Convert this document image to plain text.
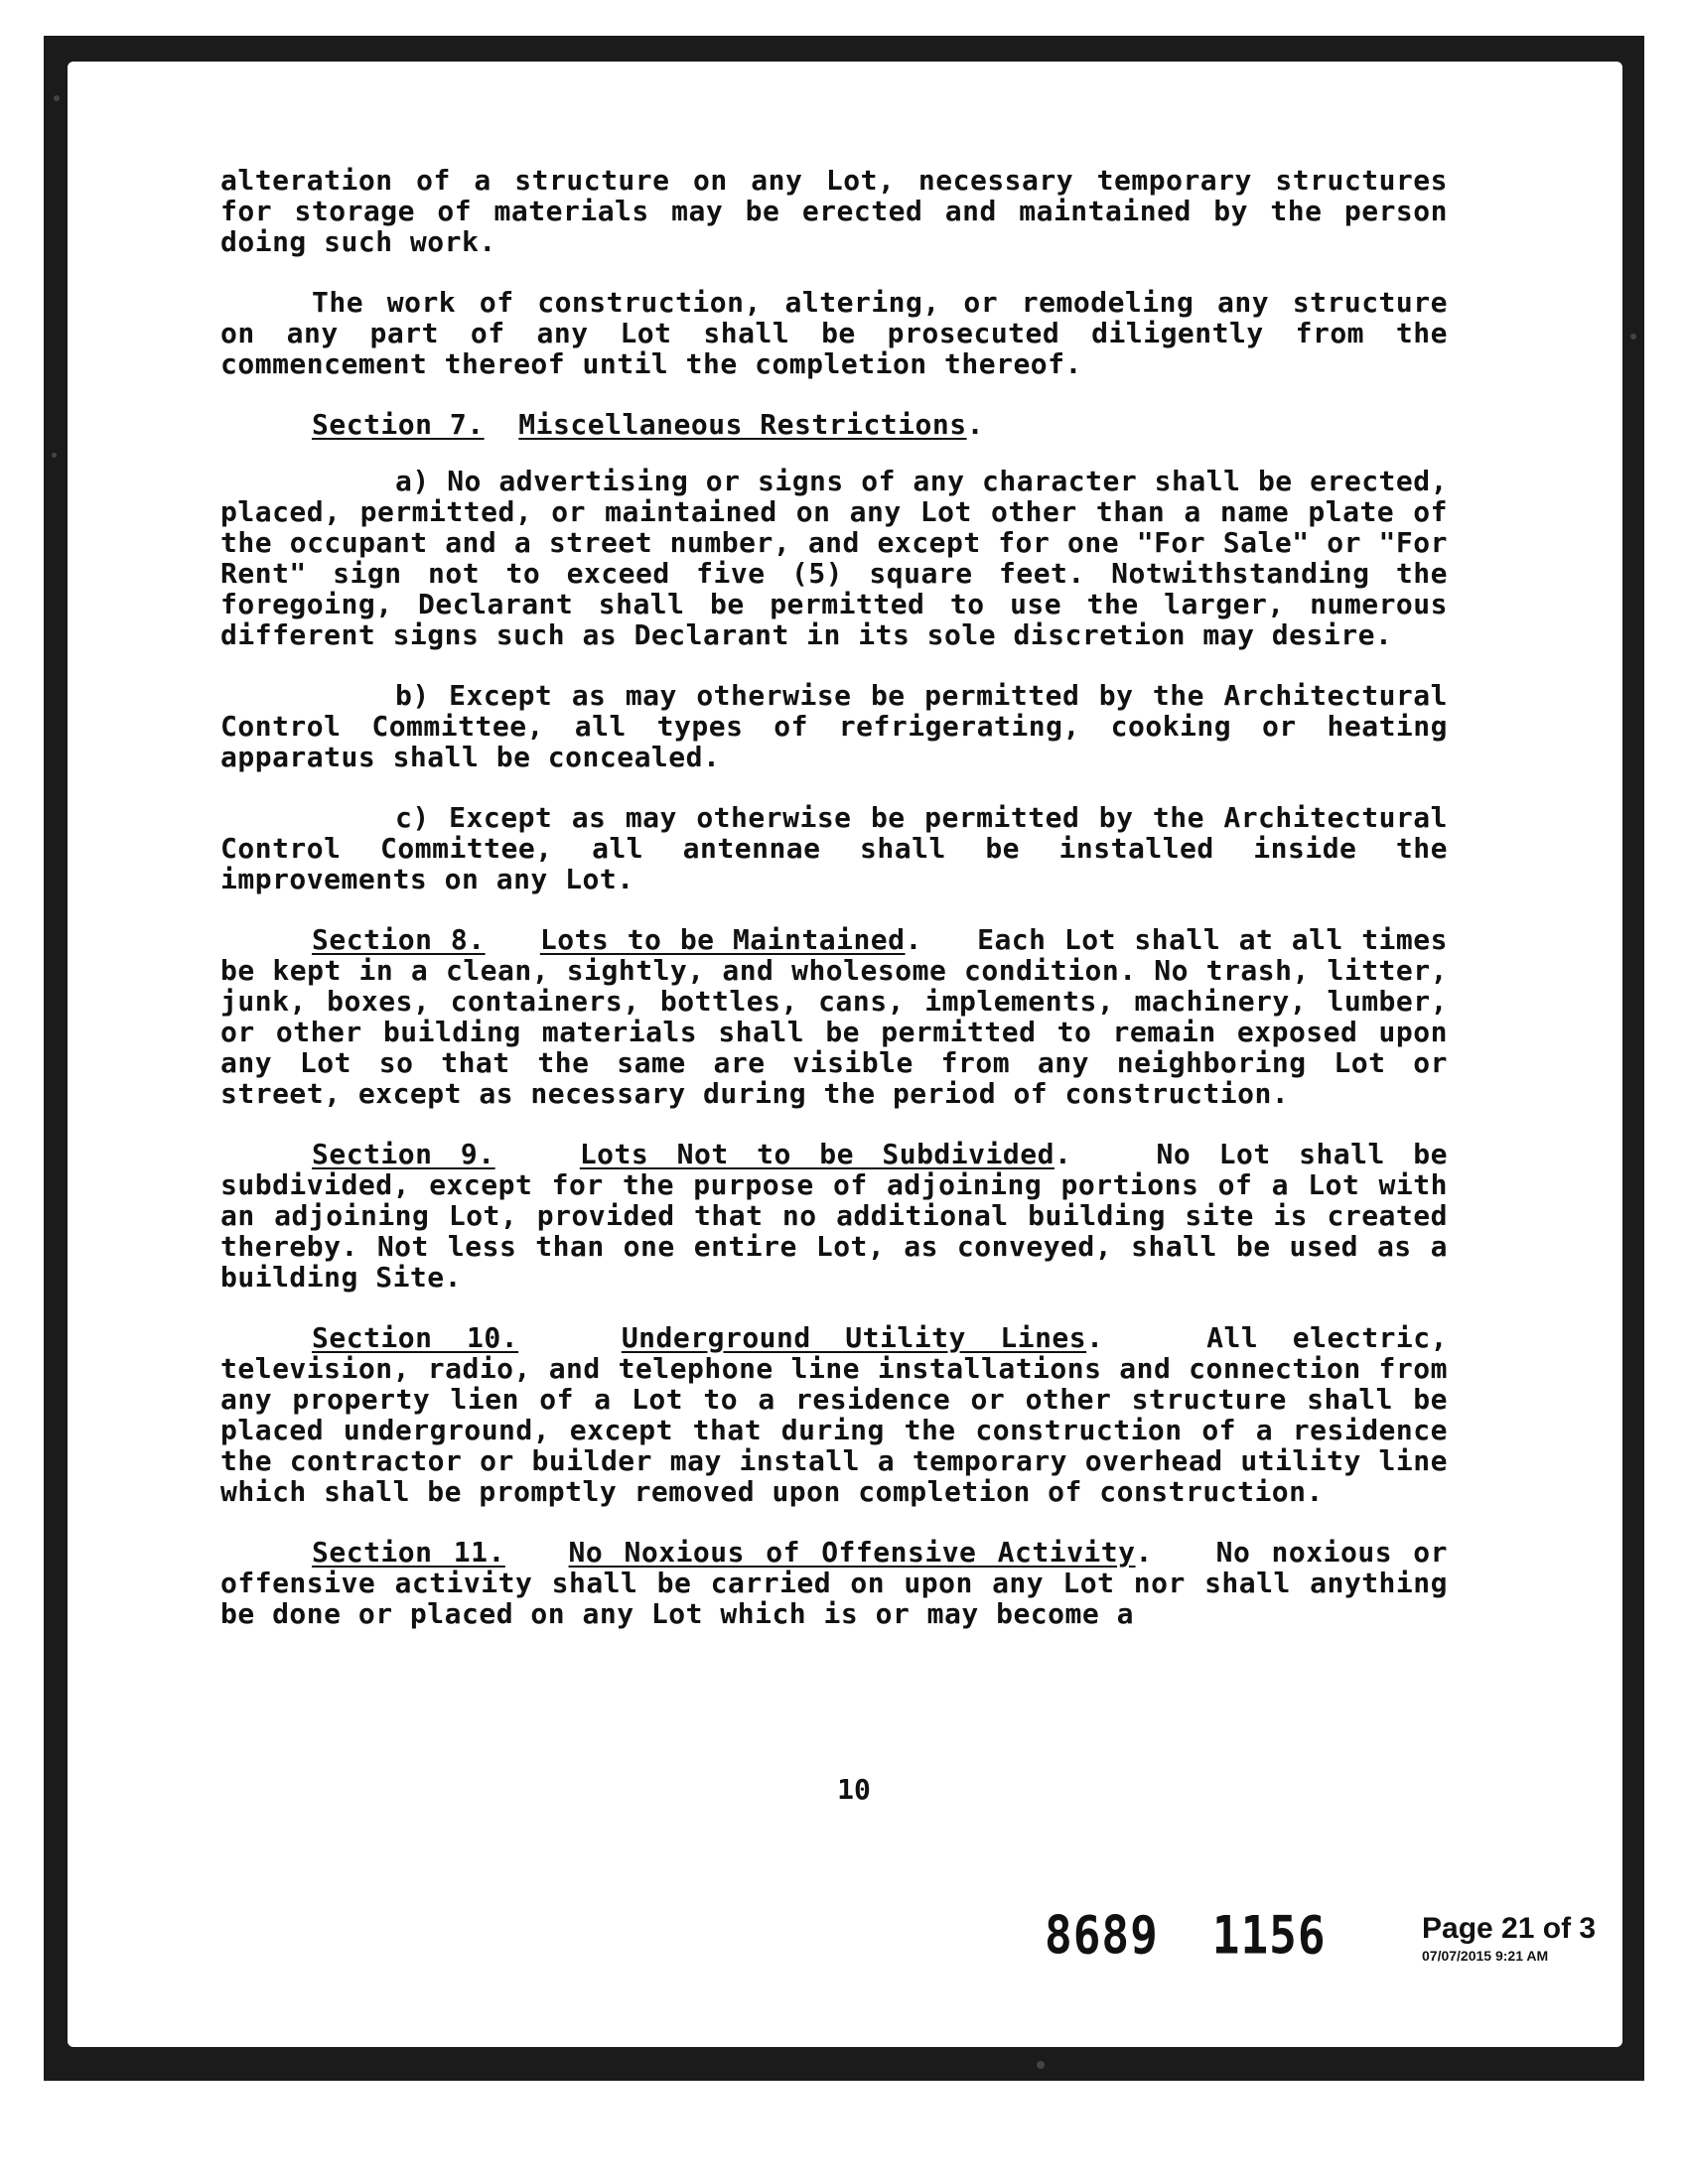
alteration of a structure on any Lot, necessary temporary structures for storage of materials may be erected and maintained by the person doing such work.

The work of construction, altering, or remodeling any structure on any part of any Lot shall be prosecuted diligently from the commencement thereof until the completion thereof.

Section 7. Miscellaneous Restrictions.

a) No advertising or signs of any character shall be erected, placed, permitted, or maintained on any Lot other than a name plate of the occupant and a street number, and except for one "For Sale" or "For Rent" sign not to exceed five (5) square feet. Notwithstanding the foregoing, Declarant shall be permitted to use the larger, numerous different signs such as Declarant in its sole discretion may desire.

b) Except as may otherwise be permitted by the Architectural Control Committee, all types of refrigerating, cooking or heating apparatus shall be concealed.

c) Except as may otherwise be permitted by the Architectural Control Committee, all antennae shall be installed inside the improvements on any Lot.

Section 8. Lots to be Maintained.   Each Lot shall at all times be kept in a clean, sightly, and wholesome condition. No trash, litter, junk, boxes, containers, bottles, cans, implements, machinery, lumber, or other building materials shall be permitted to remain exposed upon any Lot so that the same are visible from any neighboring Lot or street, except as necessary during the period of construction.

Section 9.	Lots Not to be Subdivided.   No Lot shall be subdivided, except for the purpose of adjoining portions of a Lot with an adjoining Lot, provided that no additional building site is created thereby. Not less than one entire Lot, as conveyed, shall be used as a building Site.

Section 10.	Underground Utility Lines.   All electric, television, radio, and telephone line installations and connection from any property lien of a Lot to a residence or other structure shall be placed underground, except that during the construction of a residence the contractor or builder may install a temporary overhead utility line which shall be promptly removed upon completion of construction.

Section 11. No Noxious of Offensive Activity.   No noxious or offensive activity shall be carried on upon any Lot nor shall anything be done or placed on any Lot which is or may become a

10
8689 1156	Page 21 of 3
07/07/2015 9:21 AM
